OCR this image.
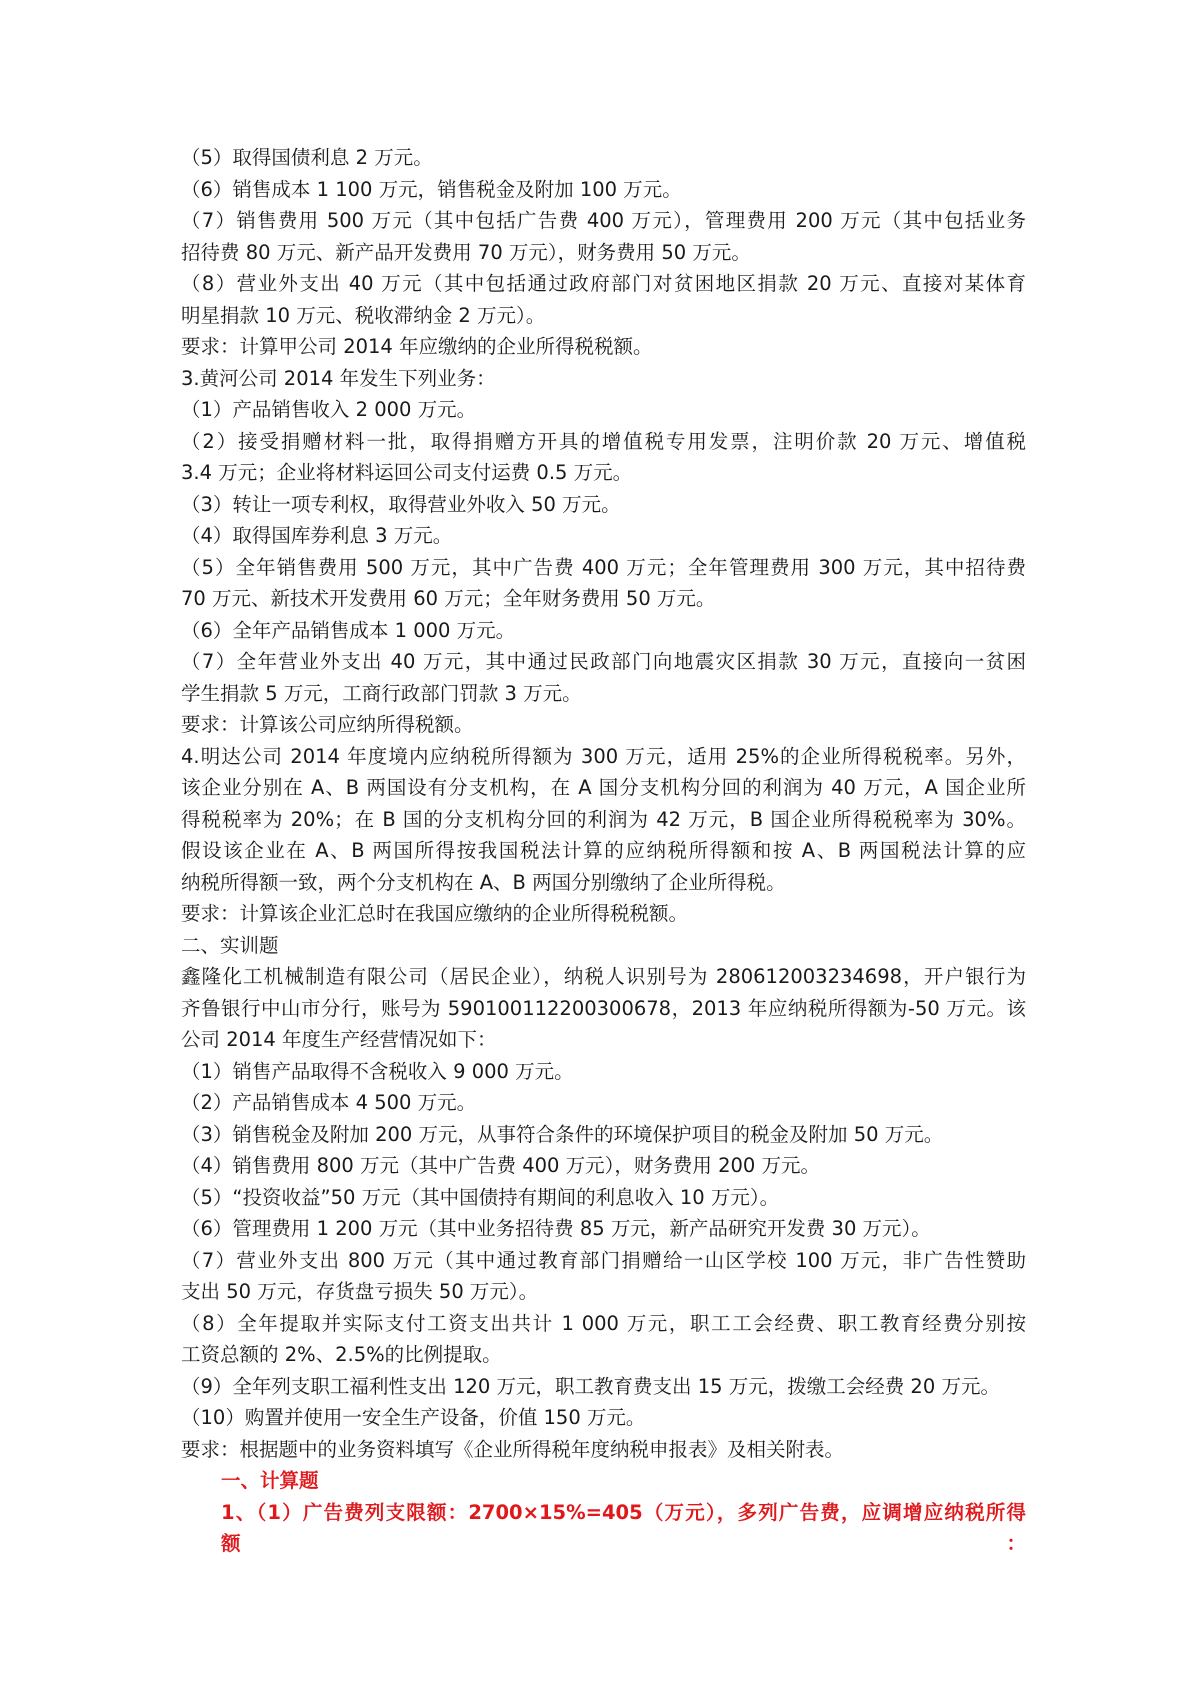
（5）取得国债利息 2 万元。
（6）销售成本 1 100 万元，销售税金及附加 100 万元。
（7）销售费用 500 万元（其中包括广告费 400 万元），管理费用 200 万元（其中包括业务
招待费 80 万元、新产品开发费用 70 万元），财务费用 50 万元。
（8）营业外支出 40 万元（其中包括通过政府部门对贫困地区捐款 20 万元、直接对某体育
明星捐款 10 万元、税收滞纳金 2 万元）。
要求：计算甲公司 2014 年应缴纳的企业所得税税额。
3.黄河公司 2014 年发生下列业务：
（1）产品销售收入 2 000 万元。
（2）接受捐赠材料一批，取得捐赠方开具的增值税专用发票，注明价款 20 万元、增值税
3.4 万元；企业将材料运回公司支付运费 0.5 万元。
（3）转让一项专利权，取得营业外收入 50 万元。
（4）取得国库券利息 3 万元。
（5）全年销售费用 500 万元，其中广告费 400 万元；全年管理费用 300 万元，其中招待费
70 万元、新技术开发费用 60 万元；全年财务费用 50 万元。
（6）全年产品销售成本 1 000 万元。
（7）全年营业外支出 40 万元，其中通过民政部门向地震灾区捐款 30 万元，直接向一贫困
学生捐款 5 万元，工商行政部门罚款 3 万元。
要求：计算该公司应纳所得税额。
4.明达公司 2014 年度境内应纳税所得额为 300 万元，适用 25%的企业所得税税率。另外，
该企业分别在 A、B 两国设有分支机构，在 A 国分支机构分回的利润为 40 万元，A 国企业所
得税税率为 20%；在 B 国的分支机构分回的利润为 42 万元，B 国企业所得税税率为 30%。
假设该企业在 A、B 两国所得按我国税法计算的应纳税所得额和按 A、B 两国税法计算的应
纳税所得额一致，两个分支机构在 A、B 两国分别缴纳了企业所得税。
要求：计算该企业汇总时在我国应缴纳的企业所得税税额。
二、实训题
鑫隆化工机械制造有限公司（居民企业），纳税人识别号为 280612003234698，开户银行为
齐鲁银行中山市分行，账号为 590100112200300678，2013 年应纳税所得额为-50 万元。该
公司 2014 年度生产经营情况如下：
（1）销售产品取得不含税收入 9 000 万元。
（2）产品销售成本 4 500 万元。
（3）销售税金及附加 200 万元，从事符合条件的环境保护项目的税金及附加 50 万元。
（4）销售费用 800 万元（其中广告费 400 万元），财务费用 200 万元。
（5）“投资收益”50 万元（其中国债持有期间的利息收入 10 万元）。
（6）管理费用 1 200 万元（其中业务招待费 85 万元，新产品研究开发费 30 万元）。
（7）营业外支出 800 万元（其中通过教育部门捐赠给一山区学校 100 万元，非广告性赞助
支出 50 万元，存货盘亏损失 50 万元）。
（8）全年提取并实际支付工资支出共计 1 000 万元，职工工会经费、职工教育经费分别按
工资总额的 2%、2.5%的比例提取。
（9）全年列支职工福利性支出 120 万元，职工教育费支出 15 万元，拨缴工会经费 20 万元。
（10）购置并使用一安全生产设备，价值 150 万元。
要求：根据题中的业务资料填写《企业所得税年度纳税申报表》及相关附表。
一、计算题
1、（1）广告费列支限额：2700×15%=405（万元），多列广告费，应调增应纳税所得额：
